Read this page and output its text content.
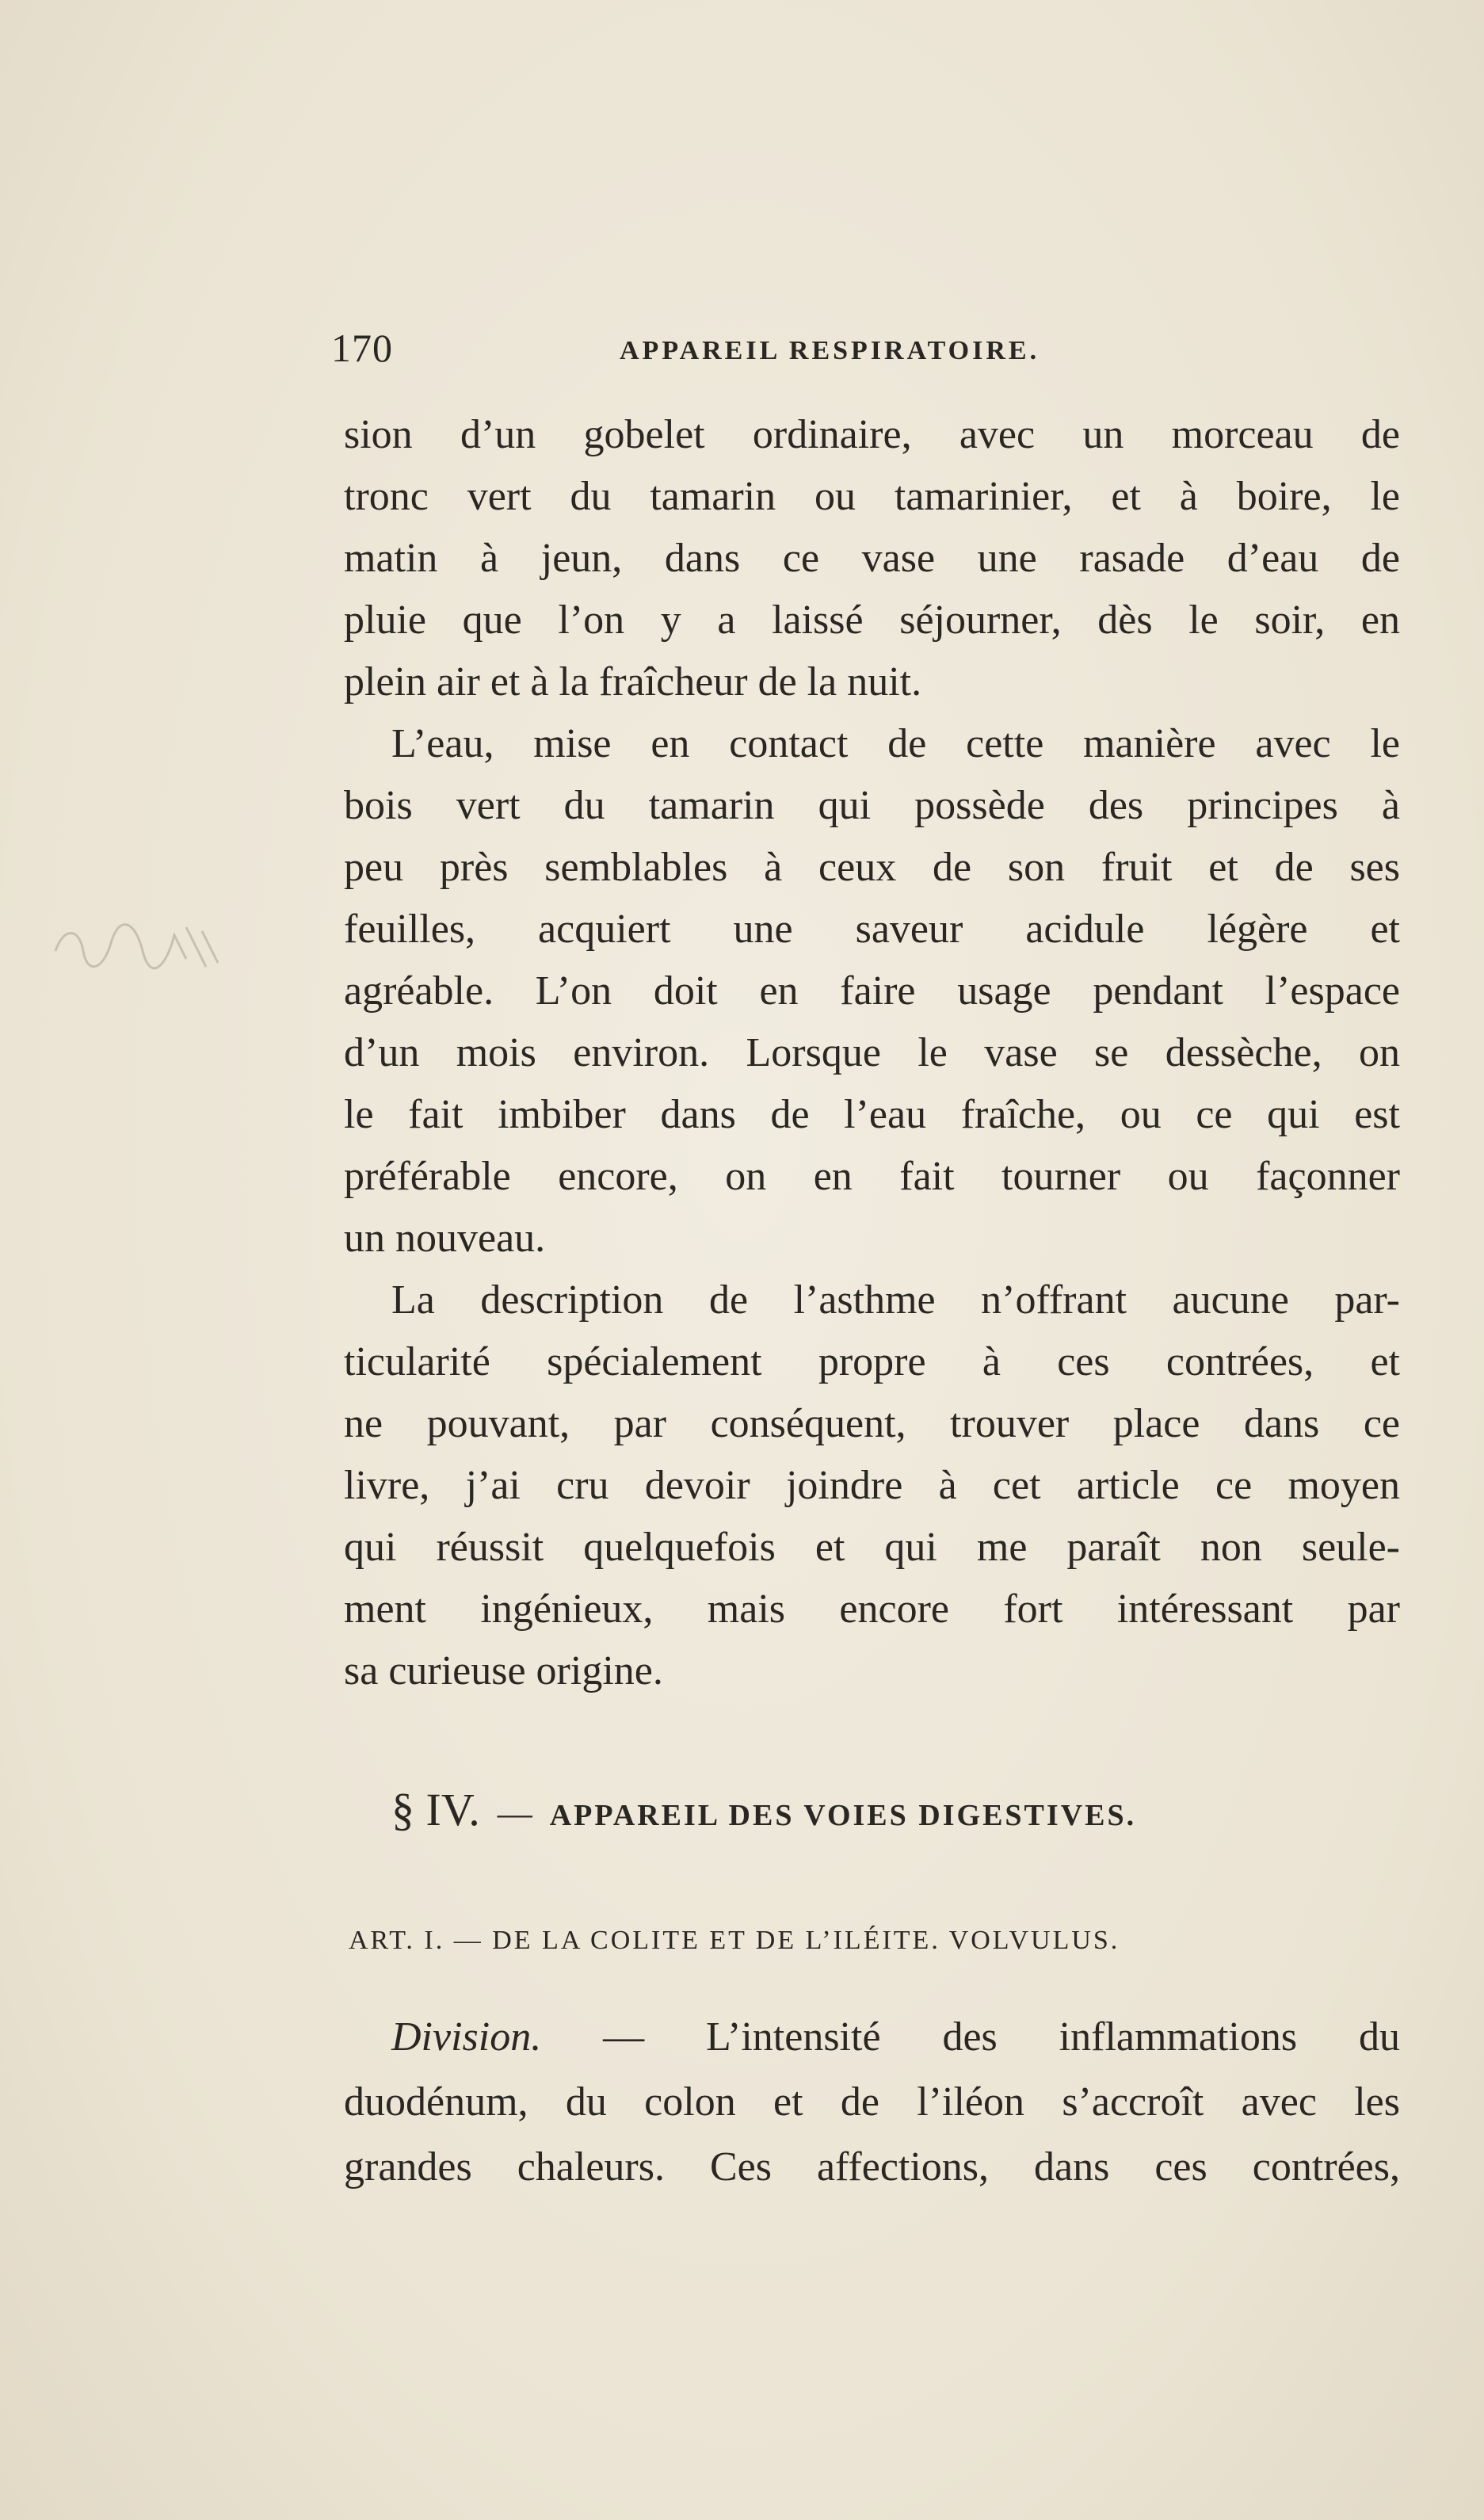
170	APPAREIL RESPIRATOIRE.
sion d’un gobelet ordinaire, avec un morceau de
tronc vert du tamarin ou tamarinier, et à boire, le
matin à jeun, dans ce vase une rasade d’eau de
pluie que l’on y a laissé séjourner, dès le soir, en
plein air et à la fraîcheur de la nuit.
L’eau, mise en contact de cette manière avec le
bois vert du tamarin qui possède des principes à
peu près semblables à ceux de son fruit et de ses
feuilles, acquiert une saveur acidule légère et
agréable. L’on doit en faire usage pendant l’espace
d’un mois environ. Lorsque le vase se dessèche, on
le fait imbiber dans de l’eau fraîche, ou ce qui est
préférable encore, on en fait tourner ou façonner
un nouveau.
La description de l’asthme n’offrant aucune par-
ticularité spécialement propre à ces contrées, et
ne pouvant, par conséquent, trouver place dans ce
livre, j’ai cru devoir joindre à cet article ce moyen
qui réussit quelquefois et qui me paraît non seule-
ment ingénieux, mais encore fort intéressant par
sa curieuse origine.
§ IV. — APPAREIL DES VOIES DIGESTIVES.
ART. I. — DE LA COLITE ET DE L’ILÉITE. VOLVULUS.
Division. — L’intensité des inflammations du
duodénum, du colon et de l’iléon s’accroît avec les
grandes chaleurs. Ces affections, dans ces contrées,
